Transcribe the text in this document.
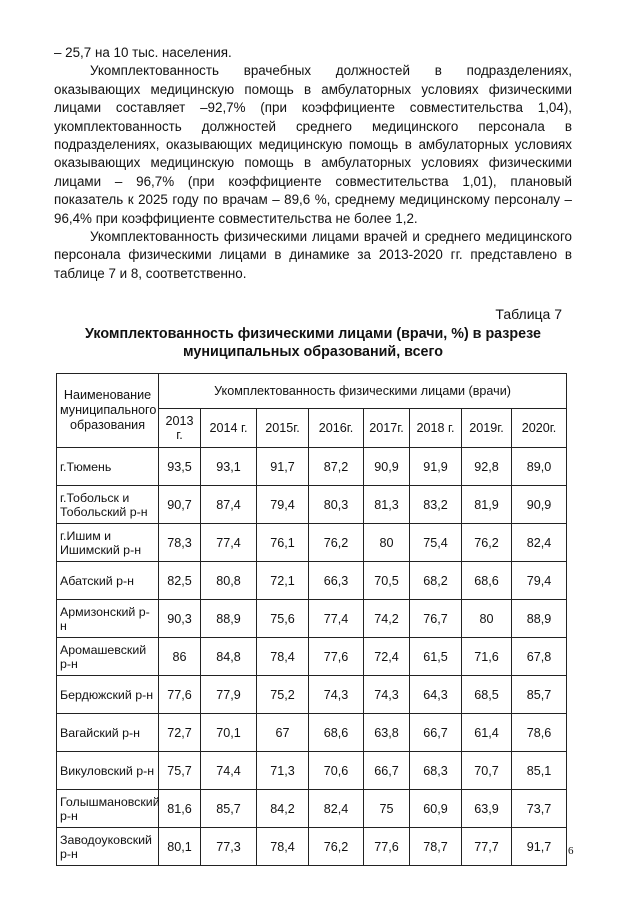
– 25,7 на 10 тыс. населения.

Укомплектованность врачебных должностей в подразделениях, оказывающих медицинскую помощь в амбулаторных условиях физическими лицами составляет –92,7% (при коэффициенте совместительства 1,04), укомплектованность должностей среднего медицинского персонала в подразделениях, оказывающих медицинскую помощь в амбулаторных условиях оказывающих медицинскую помощь в амбулаторных условиях физическими лицами – 96,7% (при коэффициенте совместительства 1,01), плановый показатель к 2025 году по врачам – 89,6 %, среднему медицинскому персоналу – 96,4% при коэффициенте совместительства не более 1,2.

Укомплектованность физическими лицами врачей и среднего медицинского персонала физическими лицами в динамике за 2013-2020 гг. представлено в таблице 7 и 8, соответственно.

Таблица 7
Укомплектованность физическими лицами (врачи, %) в разрезе муниципальных образований, всего
Наименование муниципального образования	Укомплектованность физическими лицами (врачи)							
	2013 г.	2014 г.	2015г.	2016г.	2017г.	2018 г.	2019г.	2020г.
г.Тюмень	93,5	93,1	91,7	87,2	90,9	91,9	92,8	89,0
г.Тобольск и Тобольский р-н	90,7	87,4	79,4	80,3	81,3	83,2	81,9	90,9
г.Ишим и Ишимский р-н	78,3	77,4	76,1	76,2	80	75,4	76,2	82,4
Абатский р-н	82,5	80,8	72,1	66,3	70,5	68,2	68,6	79,4
Армизонский р-н	90,3	88,9	75,6	77,4	74,2	76,7	80	88,9
Аромашевский р-н	86	84,8	78,4	77,6	72,4	61,5	71,6	67,8
Бердюжский р-н	77,6	77,9	75,2	74,3	74,3	64,3	68,5	85,7
Вагайский р-н	72,7	70,1	67	68,6	63,8	66,7	61,4	78,6
Викуловский р-н	75,7	74,4	71,3	70,6	66,7	68,3	70,7	85,1
Голышмановский р-н	81,6	85,7	84,2	82,4	75	60,9	63,9	73,7
Заводоуковский р-н	80,1	77,3	78,4	76,2	77,6	78,7	77,7	91,7 6
